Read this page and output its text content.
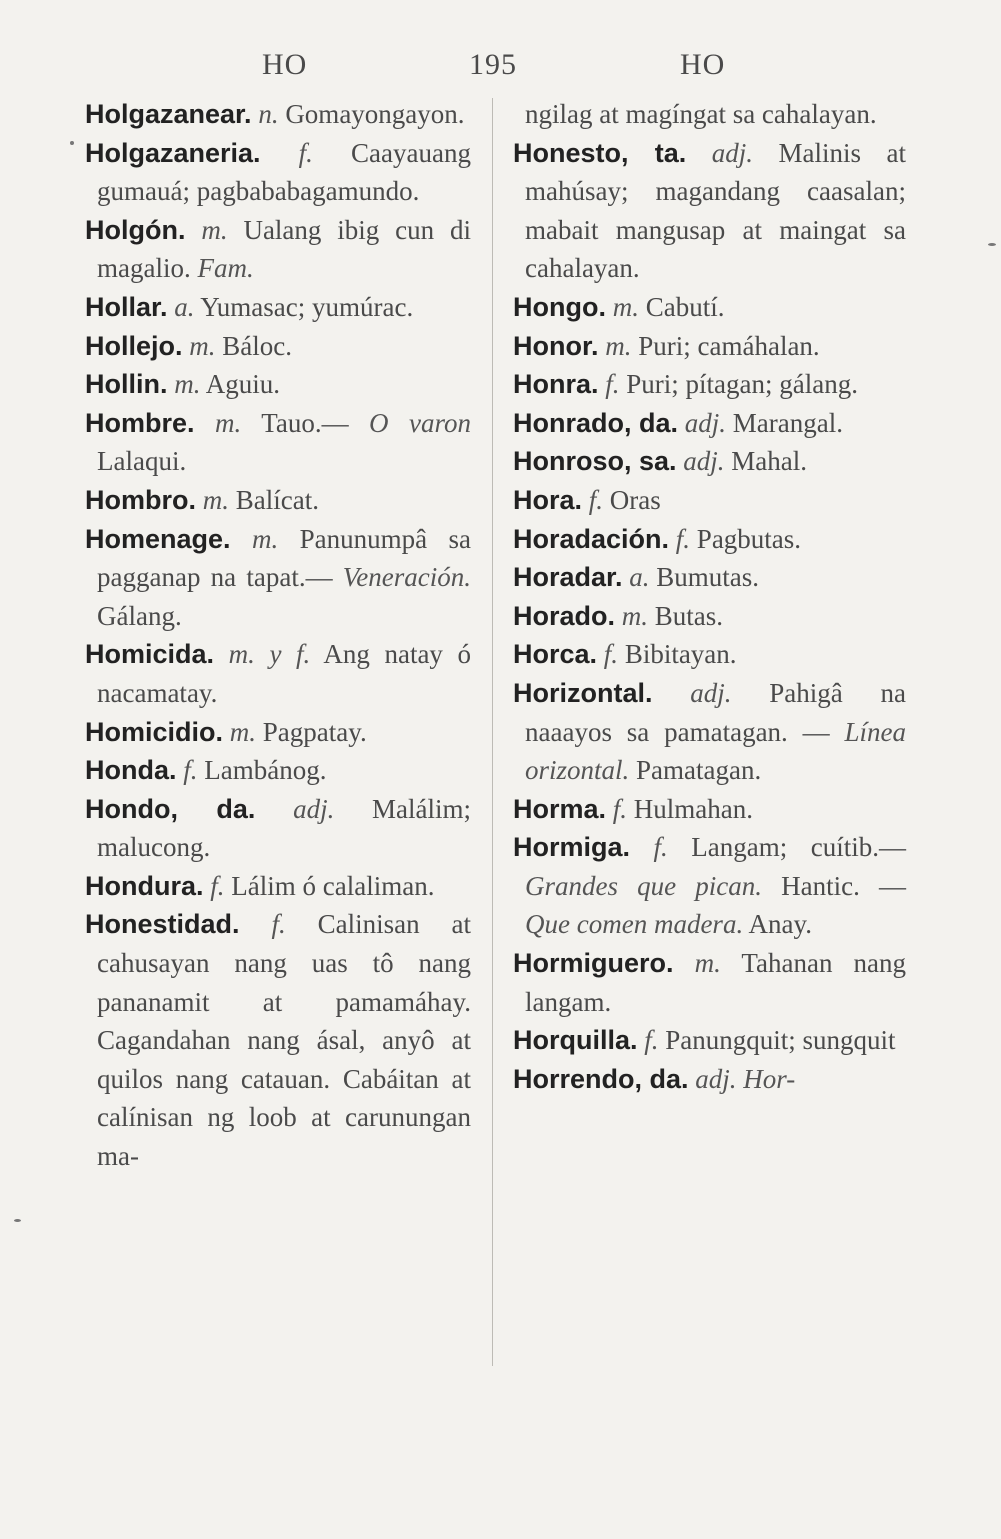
HO	195	HO

Holgazanear. n. Gomayongayon.

Holgazaneria. f. Caayauang gumauá; pagbababagamundo.

Holgón. m. Ualang ibig cun di magalio. Fam.

Hollar. a. Yumasac; yumúrac.

Hollejo. m. Báloc.

Hollin. m. Aguiu.

Hombre. m. Tauo.— O varon Lalaqui.

Hombro. m. Balícat.

Homenage. m. Panunumpâ sa pagganap na tapat.— Veneración. Gálang.

Homicida. m. y f. Ang natay ó nacamatay.

Homicidio. m. Pagpatay.

Honda. f. Lambánog.

Hondo, da. adj. Malálim; malucong.

Hondura. f. Lálim ó calaliman.

Honestidad. f. Calinisan at cahusayan nang uas tô nang pananamit at pamamáhay. Cagandahan nang ásal, anyô at quilos nang catauan. Cabáitan at calínisan ng loob at carunungan ma-

ngilag at magíngat sa cahalayan.

Honesto, ta. adj. Malinis at mahúsay; magandang caasalan; mabait mangusap at maingat sa cahalayan.

Hongo. m. Cabutí.

Honor. m. Puri; camáhalan.

Honra. f. Puri; pítagan; gálang.

Honrado, da. adj. Marangal.

Honroso, sa. adj. Mahal.

Hora. f. Oras

Horadación. f. Pagbutas.

Horadar. a. Bumutas.

Horado. m. Butas.

Horca. f. Bibitayan.

Horizontal. adj. Pahigâ na naaayos sa pamatagan. — Línea orizontal. Pamatagan.

Horma. f. Hulmahan.

Hormiga. f. Langam; cuítib.— Grandes que pican. Hantic. — Que comen madera. Anay.

Hormiguero. m. Tahanan nang langam.

Horquilla. f. Panungquit; sungquit

Horrendo, da. adj. Hor-
